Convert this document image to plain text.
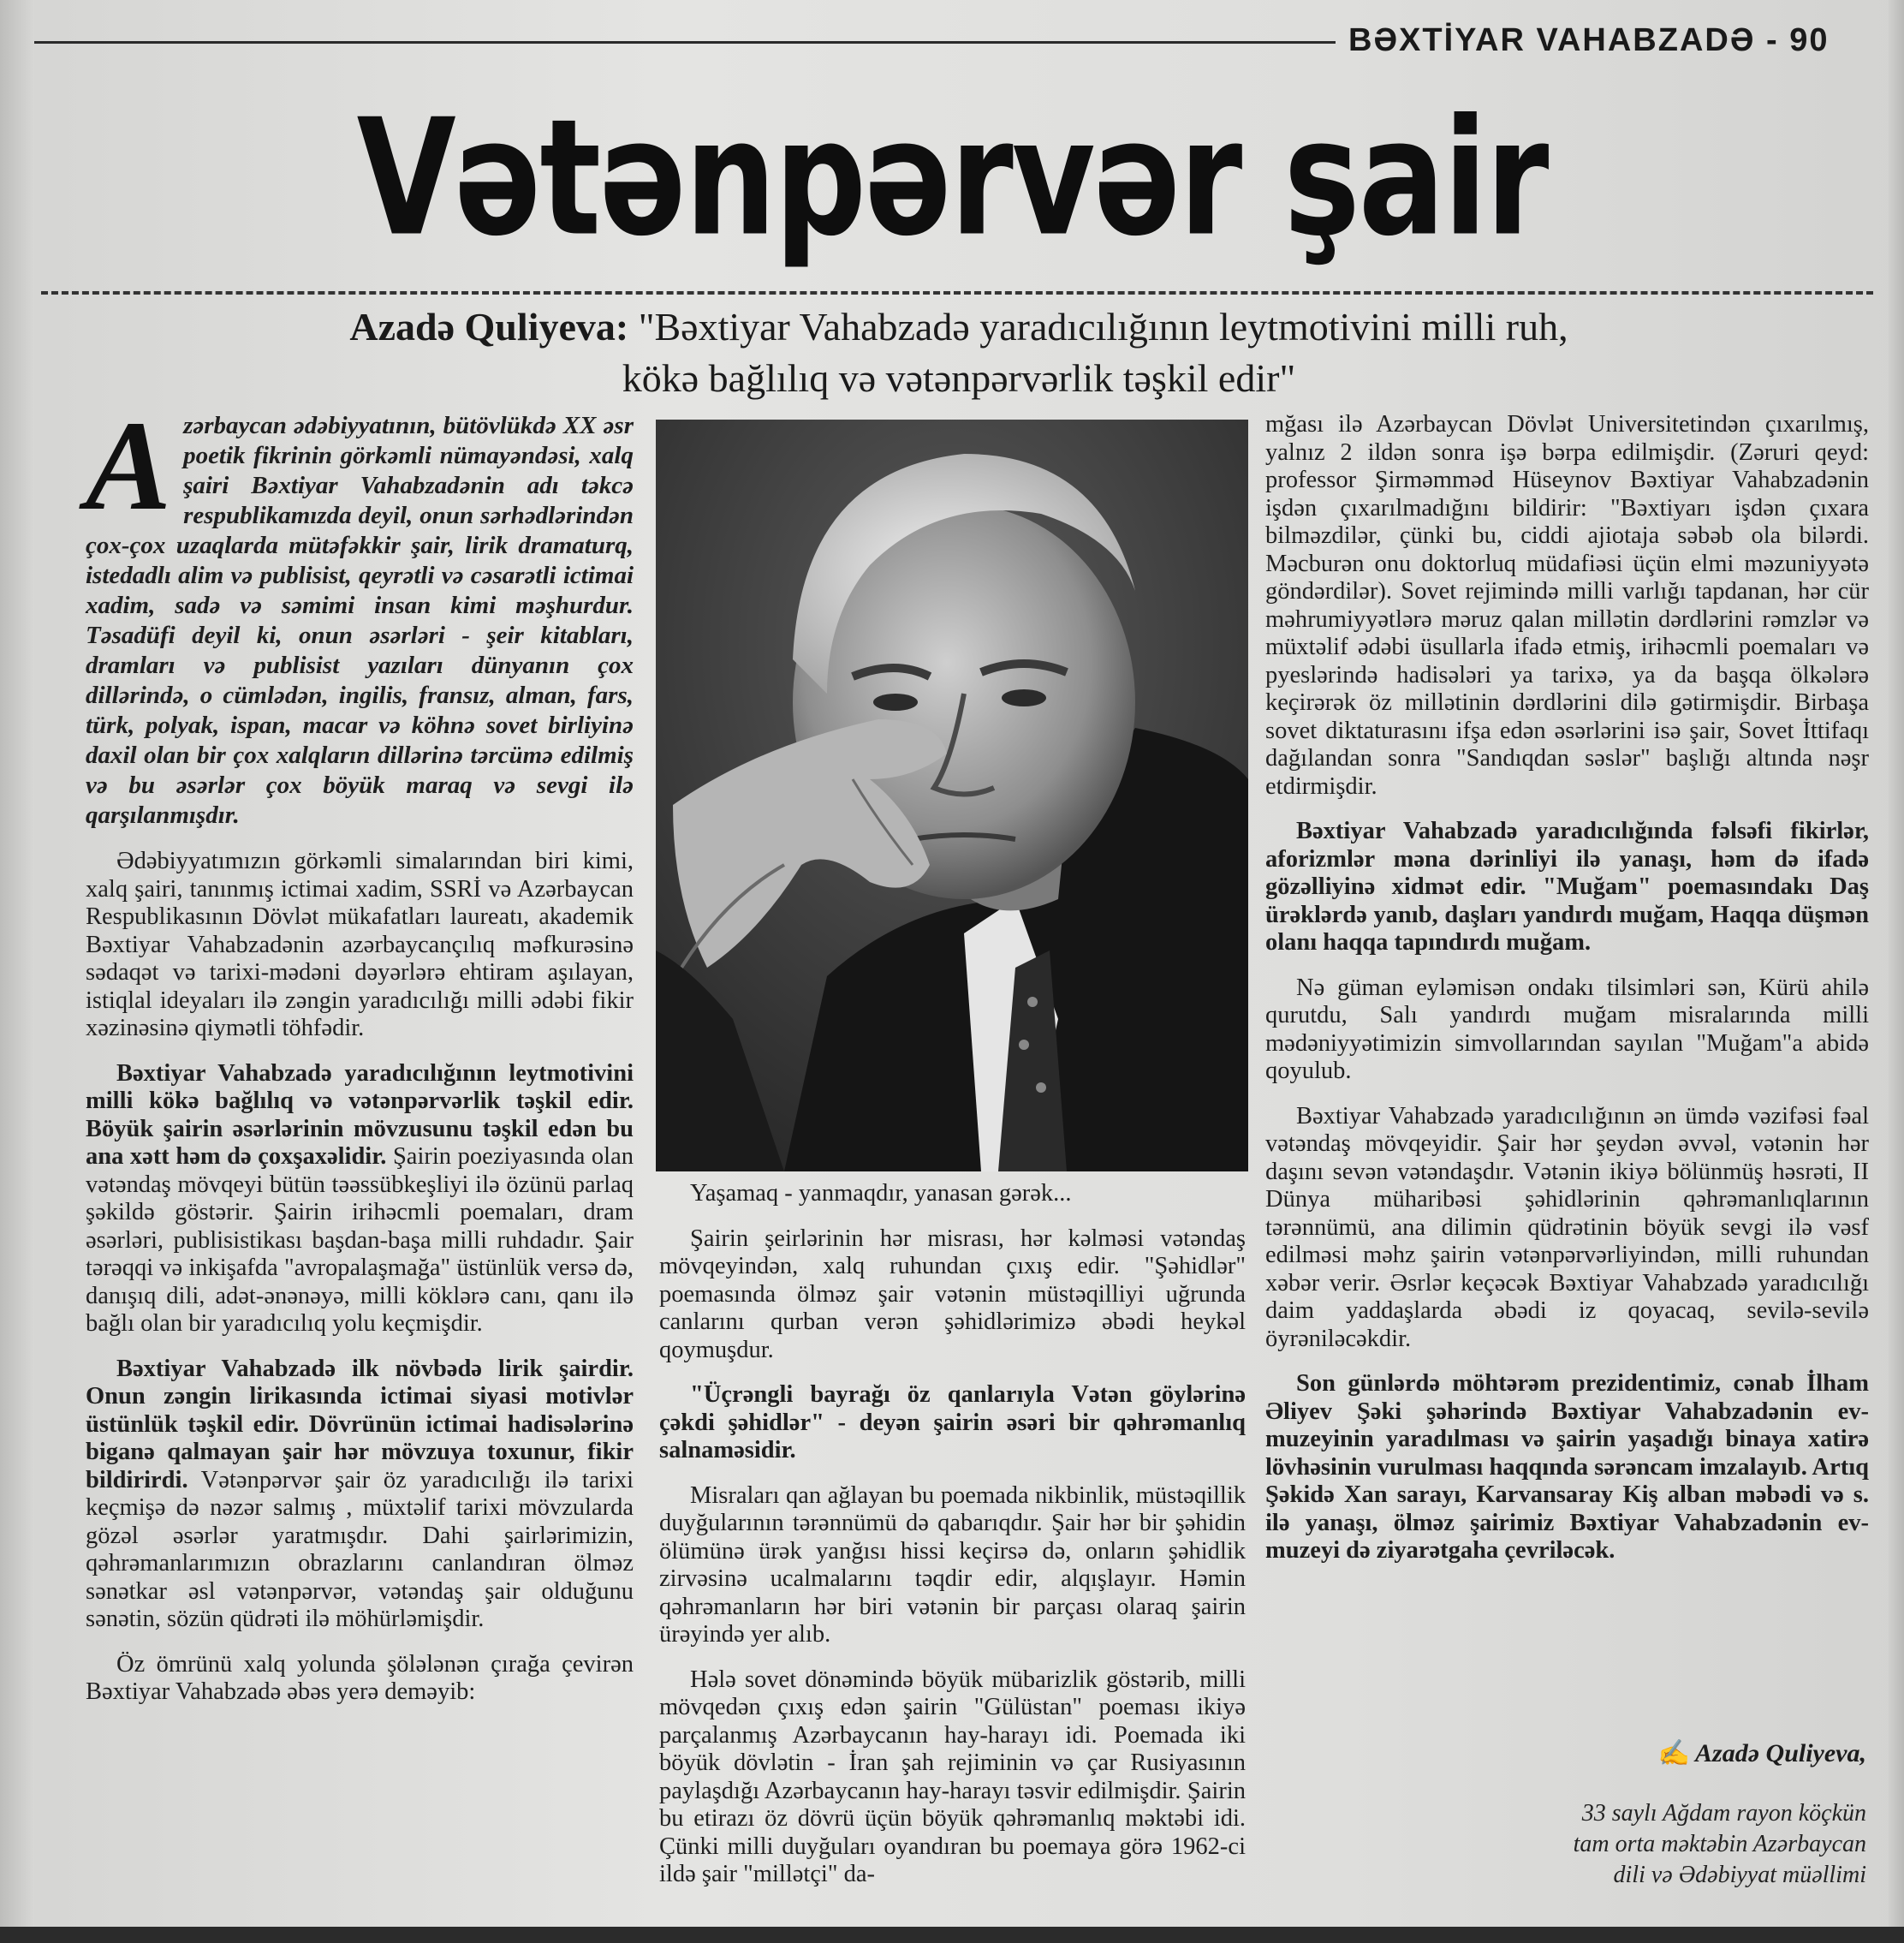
BƏXTİYAR VAHABZADƏ - 90
Vətənpərvər şair
Azadə Quliyeva: "Bəxtiyar Vahabzadə yaradıcılığının leytmotivini milli ruh,
kökə bağlılıq və vətənpərvərlik təşkil edir"

Azərbaycan ədəbiyyatının, bütövlükdə XX əsr poetik fikrinin görkəmli nümayəndəsi, xalq şairi Bəxtiyar Vahabzadənin adı təkcə respublikamızda deyil, onun sərhədlərindən çox-çox uzaqlarda mütəfəkkir şair, lirik dramaturq, istedadlı alim və publisist, qeyrətli və cəsarətli ictimai xadim, sadə və səmimi insan kimi məşhurdur. Təsadüfi deyil ki, onun əsərləri - şeir kitabları, dramları və publisist yazıları dünyanın çox dillərində, o cümlədən, ingilis, fransız, alman, fars, türk, polyak, ispan, macar və köhnə sovet birliyinə daxil olan bir çox xalqların dillərinə tərcümə edilmiş və bu əsərlər çox böyük maraq və sevgi ilə qarşılanmışdır.

Ədəbiyyatımızın görkəmli simalarından biri kimi, xalq şairi, tanınmış ictimai xadim, SSRİ və Azərbaycan Respublikasının Dövlət mükafatları laureatı, akademik Bəxtiyar Vahabzadənin azərbaycançılıq məfkurəsinə sədaqət və tarixi-mədəni dəyərlərə ehtiram aşılayan, istiqlal ideyaları ilə zəngin yaradıcılığı milli ədəbi fikir xəzinəsinə qiymətli töhfədir.

Bəxtiyar Vahabzadə yaradıcılığının leytmotivini milli kökə bağlılıq və vətənpərvərlik təşkil edir. Böyük şairin əsərlərinin mövzusunu təşkil edən bu ana xətt həm də çoxşaxəlidir. Şairin poeziyasında olan vətəndaş mövqeyi bütün təəssübkeşliyi ilə özünü parlaq şəkildə göstərir. Şairin irihəcmli poemaları, dram əsərləri, publisistikası başdan-başa milli ruhdadır. Şair tərəqqi və inkişafda "avropalaşmağa" üstünlük versə də, danışıq dili, adət-ənənəyə, milli köklərə canı, qanı ilə bağlı olan bir yaradıcılıq yolu keçmişdir.

Bəxtiyar Vahabzadə ilk növbədə lirik şairdir. Onun zəngin lirikasında ictimai siyasi motivlər üstünlük təşkil edir. Dövrünün ictimai hadisələrinə biganə qalmayan şair hər mövzuya toxunur, fikir bildirirdi. Vətənpərvər şair öz yaradıcılığı ilə tarixi keçmişə də nəzər salmış , müxtəlif tarixi mövzularda gözəl əsərlər yaratmışdır. Dahi şairlərimizin, qəhrəmanlarımızın obrazlarını canlandıran ölməz sənətkar əsl vətənpərvər, vətəndaş şair olduğunu sənətin, sözün qüdrəti ilə möhürləmişdir.

Öz ömrünü xalq yolunda şölələnən çırağa çevirən Bəxtiyar Vahabzadə əbəs yerə deməyib:

Yaşamaq - yanmaqdır, yanasan gərək...

Şairin şeirlərinin hər misrası, hər kəlməsi vətəndaş mövqeyindən, xalq ruhundan çıxış edir. "Şəhidlər" poemasında ölməz şair vətənin müstəqilliyi uğrunda canlarını qurban verən şəhidlərimizə əbədi heykəl qoymuşdur.

"Üçrəngli bayrağı öz qanlarıyla Vətən göylərinə çəkdi şəhidlər" - deyən şairin əsəri bir qəhrəmanlıq salnaməsidir.

Misraları qan ağlayan bu poemada nikbinlik, müstəqillik duyğularının tərənnümü də qabarıqdır. Şair hər bir şəhidin ölümünə ürək yanğısı hissi keçirsə də, onların şəhidlik zirvəsinə ucalmalarını təqdir edir, alqışlayır. Həmin qəhrəmanların hər biri vətənin bir parçası olaraq şairin ürəyində yer alıb.

Hələ sovet dönəmində böyük mübarizlik göstərib, milli mövqedən çıxış edən şairin "Gülüstan" poeması ikiyə parçalanmış Azərbaycanın hay-harayı idi. Poemada iki böyük dövlətin - İran şah rejiminin və çar Rusiyasının paylaşdığı Azərbaycanın hay-harayı təsvir edilmişdir. Şairin bu etirazı öz dövrü üçün böyük qəhrəmanlıq məktəbi idi. Çünki milli duyğuları oyandıran bu poemaya görə 1962-ci ildə şair "millətçi" da-

mğası ilə Azərbaycan Dövlət Universitetindən çıxarılmış, yalnız 2 ildən sonra işə bərpa edilmişdir. (Zəruri qeyd: professor Şirməmməd Hüseynov Bəxtiyar Vahabzadənin işdən çıxarılmadığını bildirir: "Bəxtiyarı işdən çıxara bilməzdilər, çünki bu, ciddi ajiotaja səbəb ola bilərdi. Məcburən onu doktorluq müdafiəsi üçün elmi məzuniyyətə göndərdilər). Sovet rejimində milli varlığı tapdanan, hər cür məhrumiyyətlərə məruz qalan millətin dərdlərini rəmzlər və müxtəlif ədəbi üsullarla ifadə etmiş, irihəcmli poemaları və pyeslərində hadisələri ya tarixə, ya da başqa ölkələrə keçirərək öz millətinin dərdlərini dilə gətirmişdir. Birbaşa sovet diktaturasını ifşa edən əsərlərini isə şair, Sovet İttifaqı dağılandan sonra "Sandıqdan səslər" başlığı altında nəşr etdirmişdir.

Bəxtiyar Vahabzadə yaradıcılığında fəlsəfi fikirlər, aforizmlər məna dərinliyi ilə yanaşı, həm də ifadə gözəlliyinə xidmət edir. "Muğam" poemasındakı Daş ürəklərdə yanıb, daşları yandırdı muğam, Haqqa düşmən olanı haqqa tapındırdı muğam.

Nə güman eyləmisən ondakı tilsimləri sən, Kürü ahilə qurutdu, Salı yandırdı muğam misralarında milli mədəniyyətimizin simvollarından sayılan "Muğam"a abidə qoyulub.

Bəxtiyar Vahabzadə yaradıcılığının ən ümdə vəzifəsi fəal vətəndaş mövqeyidir. Şair hər şeydən əvvəl, vətənin hər daşını sevən vətəndaşdır. Vətənin ikiyə bölünmüş həsrəti, II Dünya müharibəsi şəhidlərinin qəhrəmanlıqlarının tərənnümü, ana dilimin qüdrətinin böyük sevgi ilə vəsf edilməsi məhz şairin vətənpərvərliyindən, milli ruhundan xəbər verir. Əsrlər keçəcək Bəxtiyar Vahabzadə yaradıcılığı daim yaddaşlarda əbədi iz qoyacaq, sevilə-sevilə öyrəniləcəkdir.

Son günlərdə möhtərəm prezidentimiz, cənab İlham Əliyev Şəki şəhərində Bəxtiyar Vahabzadənin ev-muzeyinin yaradılması və şairin yaşadığı binaya xatirə lövhəsinin vurulması haqqında sərəncam imzalayıb. Artıq Şəkidə Xan sarayı, Karvansaray Kiş alban məbədi və s. ilə yanaşı, ölməz şairimiz Bəxtiyar Vahabzadənin ev-muzeyi də ziyarətgaha çevriləcək.

✍ Azadə Quliyeva,
33 saylı Ağdam rayon köçkün
tam orta məktəbin Azərbaycan
dili və Ədəbiyyat müəllimi
